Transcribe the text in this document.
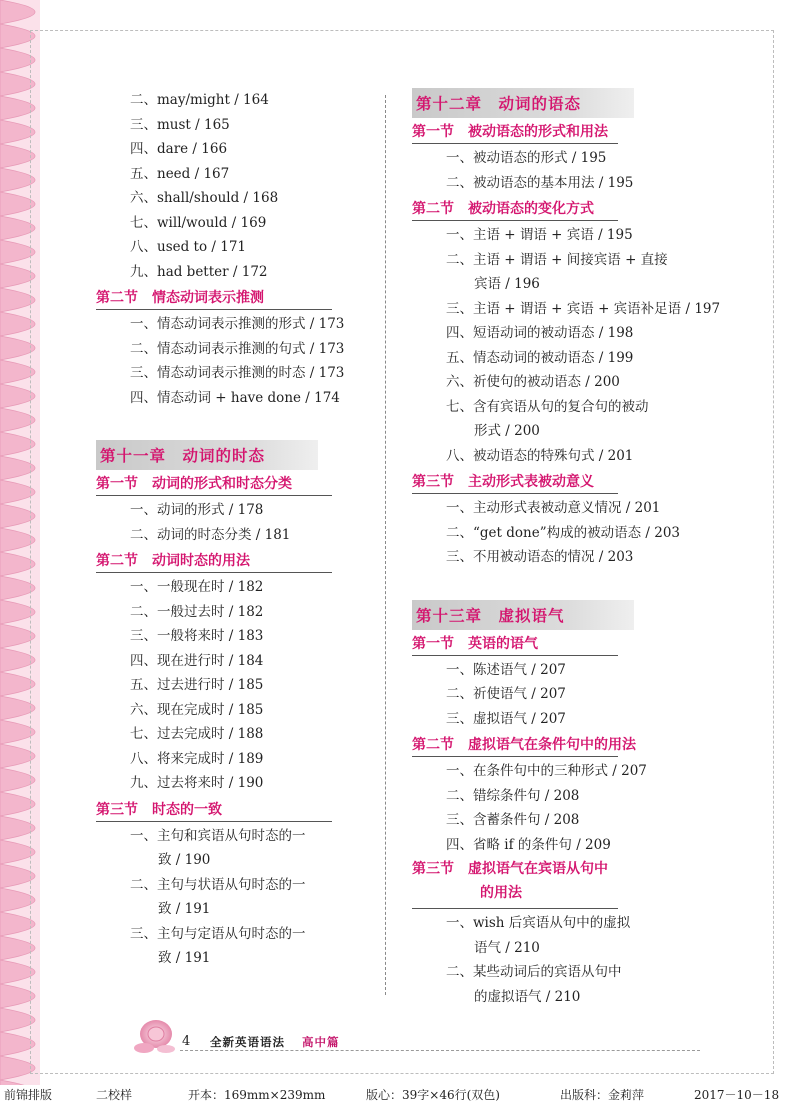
二、may/might / 164
三、must / 165
四、dare / 166
五、need / 167
六、shall/should / 168
七、will/would / 169
八、used to / 171
九、had better / 172
第二节　情态动词表示推测
一、情态动词表示推测的形式 / 173
二、情态动词表示推测的句式 / 173
三、情态动词表示推测的时态 / 173
四、情态动词 + have done / 174
第十一章　动词的时态
第一节　动词的形式和时态分类
一、动词的形式 / 178
二、动词的时态分类 / 181
第二节　动词时态的用法
一、一般现在时 / 182
二、一般过去时 / 182
三、一般将来时 / 183
四、现在进行时 / 184
五、过去进行时 / 185
六、现在完成时 / 185
七、过去完成时 / 188
八、将来完成时 / 189
九、过去将来时 / 190
第三节　时态的一致
一、主句和宾语从句时态的一
致 / 190
二、主句与状语从句时态的一
致 / 191
三、主句与定语从句时态的一
致 / 191
第十二章　动词的语态
第一节　被动语态的形式和用法
一、被动语态的形式 / 195
二、被动语态的基本用法 / 195
第二节　被动语态的变化方式
一、主语 + 谓语 + 宾语 / 195
二、主语 + 谓语 + 间接宾语 + 直接
宾语 / 196
三、主语 + 谓语 + 宾语 + 宾语补足语 / 197
四、短语动词的被动语态 / 198
五、情态动词的被动语态 / 199
六、祈使句的被动语态 / 200
七、含有宾语从句的复合句的被动
形式 / 200
八、被动语态的特殊句式 / 201
第三节　主动形式表被动意义
一、主动形式表被动意义情况 / 201
二、“get done”构成的被动语态 / 203
三、不用被动语态的情况 / 203
第十三章　虚拟语气
第一节　英语的语气
一、陈述语气 / 207
二、祈使语气 / 207
三、虚拟语气 / 207
第二节　虚拟语气在条件句中的用法
一、在条件句中的三种形式 / 207
二、错综条件句 / 208
三、含蓄条件句 / 208
四、省略 if 的条件句 / 209
第三节　虚拟语气在宾语从句中
的用法
一、wish 后宾语从句中的虚拟
语气 / 210
二、某些动词后的宾语从句中
的虚拟语气 / 210
4 全新英语语法 高中篇
前锦排版	二校样	开本：169mm×239mm	版心：39字×46行(双色)	出版科：金莉萍	2017－10－18
